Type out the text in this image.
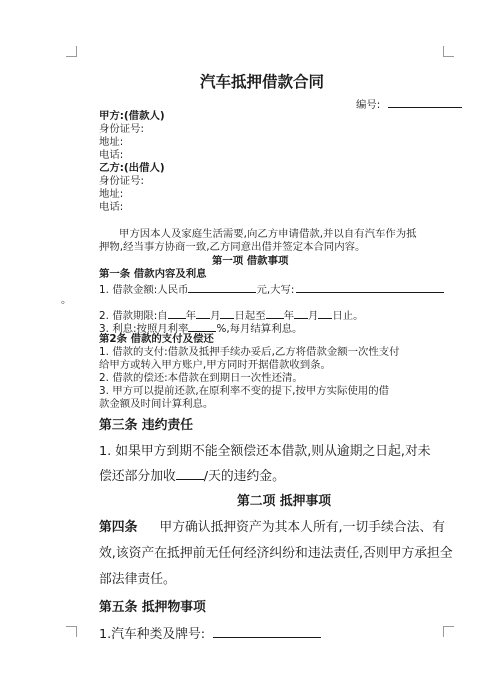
汽车抵押借款合同
编号:
甲方:(借款人)
身份证号:
地址:
电话:
乙方:(出借人)
身份证号:
地址:
电话:
甲方因本人及家庭生活需要,向乙方申请借款,并以自有汽车作为抵
押物,经当事方协商一致,乙方同意出借并签定本合同内容。
第一项 借款事项
第一条 借款内容及利息
1. 借款金额:人民币	元,大写:
。
2. 借款期限:自 年 月 日起至 年 月 日止。
3. 利息:按照月利率	%,每月结算利息。
第2条 借款的支付及偿还
1. 借款的支付:借款及抵押手续办妥后,乙方将借款金额一次性支付
给甲方或转入甲方账户,甲方同时开据借款收到条。
2. 借款的偿还:本借款在到期日一次性还清。
3. 甲方可以提前还款,在原利率不变的提下,按甲方实际使用的借
款金额及时间计算利息。
第三条 违约责任
1. 如果甲方到期不能全额偿还本借款,则从逾期之日起,对未
偿还部分加收 /天的违约金。
第二项 抵押事项
第四条 甲方确认抵押资产为其本人所有,一切手续合法、有
效,该资产在抵押前无任何经济纠纷和违法责任,否则甲方承担全
部法律责任。
第五条 抵押物事项
1.汽车种类及牌号:
